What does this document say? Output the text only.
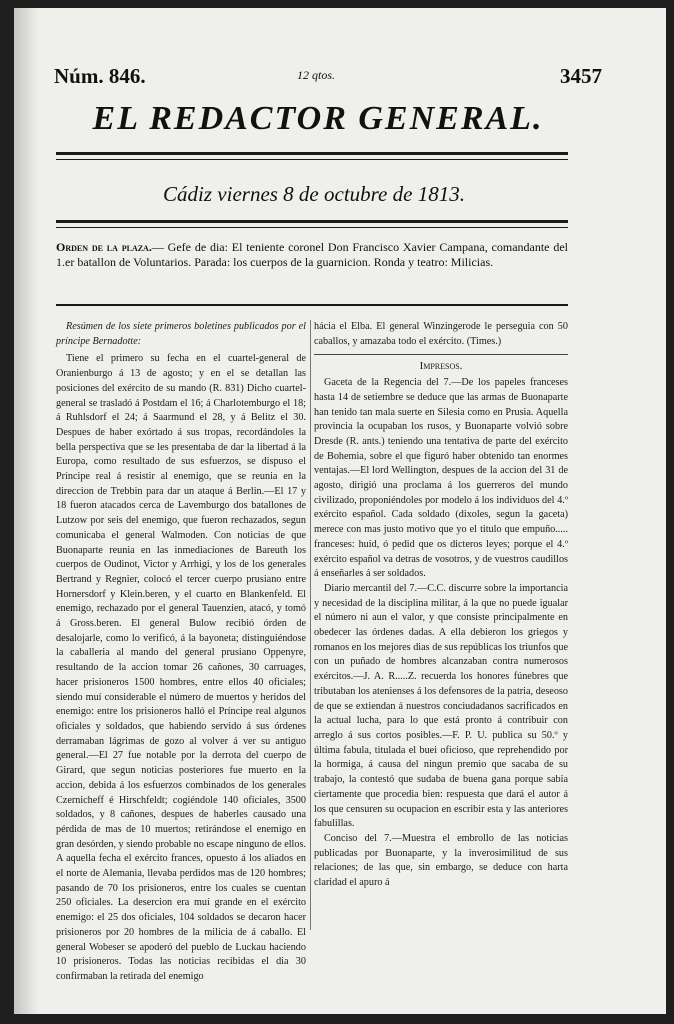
Núm. 846.	12 qtos.	3457
EL REDACTOR GENERAL.
Cádiz viernes 8 de octubre de 1813.
Orden de la plaza.— Gefe de dia: El teniente coronel Don Francisco Xavier Campana, comandante del 1.er batallon de Voluntarios. Parada: los cuerpos de la guarnicion. Ronda y teatro: Milicias.

Resúmen de los siete primeros boletines publicados por el príncipe Bernadotte:

Tiene el primero su fecha en el cuartel-general de Oranienburgo á 13 de agosto; y en el se detallan las posiciones del exército de su mando (R. 831) Dicho cuartel-general se trasladó á Postdam el 16; á Charlotemburgo el 18; á Ruhlsdorf el 24; á Saarmund el 28, y á Belitz el 30. Despues de haber exórtado á sus tropas, recordándoles la bella perspectiva que se les presentaba de dar la libertad á la Europa, como resultado de sus esfuerzos, se dispuso el Príncipe real á resistir al enemigo, que se reunia en la direccion de Trebbin para dar un ataque á Berlin.—El 17 y 18 fueron atacados cerca de Lavemburgo dos batallones de Lutzow por seis del enemigo, que fueron rechazados, segun comunicaba el general Walmoden. Con noticias de que Buonaparte reunia en las inmediaciones de Bareuth los cuerpos de Oudinot, Victor y Arrhigi, y los de los generales Bertrand y Regnier, colocó el tercer cuerpo prusiano entre Hornersdorf y Klein.beren, y el cuarto en Blankenfeld. El enemigo, rechazado por el general Tauenzien, atacó, y tomó á Gross.beren. El general Bulow recibió órden de desalojarle, como lo verificó, á la bayoneta; distinguiéndose la caballeria al mando del general prusiano Oppenyre, resultando de la accion tomar 26 cañones, 30 carruages, hacer prisioneros 1500 hombres, entre ellos 40 oficiales; siendo muí considerable el número de muertos y heridos del enemigo: entre los prisioneros halló el Príncipe real algunos oficiales y soldados, que habiendo servido á sus órdenes derramaban lágrimas de gozo al volver á ver su antiguo general.—El 27 fue notable por la derrota del cuerpo de Girard, que segun noticias posteriores fue muerto en la accion, debida á los esfuerzos combinados de los generales Czernicheff é Hirschfeldt; cogiéndole 140 oficiales, 3500 soldados, y 8 cañones, despues de haberles causado una pérdida de mas de 10 muertos; retirándose el enemigo en gran desórden, y siendo probable no escape ninguno de ellos. A aquella fecha el exército frances, opuesto á los aliados en el norte de Alemania, llevaba perdidos mas de 120 hombres; pasando de 70 los prisioneros, entre los cuales se cuentan 250 oficiales. La desercion era muí grande en el exército enemigo: el 25 dos oficiales, 104 soldados se decaron hacer prisioneros por 20 hombres de la milicia de á caballo. El general Wobeser se apoderó del pueblo de Luckau haciendo 10 prisioneros. Todas las noticias recibidas el dia 30 confirmaban la retirada del enemigo

hácia el Elba. El general Winzingerode le perseguia con 50 caballos, y amazaba todo el exército. (Times.)

Impresos.

Gaceta de la Regencia del 7.—De los papeles franceses hasta 14 de setiembre se deduce que las armas de Buonaparte han tenido tan mala suerte en Silesia como en Prusia. Aquella provincia la ocupaban los rusos, y Buonaparte volvió sobre Dresde (R. ants.) teniendo una tentativa de parte del exército de Bohemia, sobre el que figuró haber obtenido tan enormes ventajas.—El lord Wellington, despues de la accion del 31 de agosto, dirigió una proclama á los guerreros del mundo civilizado, proponiéndoles por modelo á los individuos del 4.º exército español. Cada soldado (dixoles, segun la gaceta) merece con mas justo motivo que yo el titulo que empuño..... franceses: huid, ó pedid que os dicteros leyes; porque el 4.º exército español va detras de vosotros, y de vuestros caudillos á enseñarles á ser soldados.

Diario mercantil del 7.—C.C. discurre sobre la importancia y necesidad de la disciplina militar, á la que no puede igualar el número ni aun el valor, y que consiste principalmente en obedecer las órdenes dadas. A ella debieron los griegos y romanos en los mejores dias de sus repúblicas los triunfos que con un puñado de hombres alcanzaban contra numerosos exércitos.—J. A. R.....Z. recuerda los honores fúnebres que tributaban los atenienses á los defensores de la patria, deseoso de que se extiendan á nuestros conciudadanos sacrificados en la actual lucha, para lo que está pronto á contribuir con arreglo á sus cortos posibles.—F. P. U. publica su 50.º y última fabula, titulada el buei oficioso, que reprehendido por la hormiga, á causa del ningun premio que sacaba de su trabajo, la contestó que sudaba de buena gana porque sabia ciertamente que procedia bien: respuesta que dará el autor á los que censuren su ocupacion en escribir esta y las anteriores fabulillas.

Conciso del 7.—Muestra el embrollo de las noticias publicadas por Buonaparte, y la inverosimilitud de sus relaciones; de las que, sin embargo, se deduce con harta claridad el apuro á
